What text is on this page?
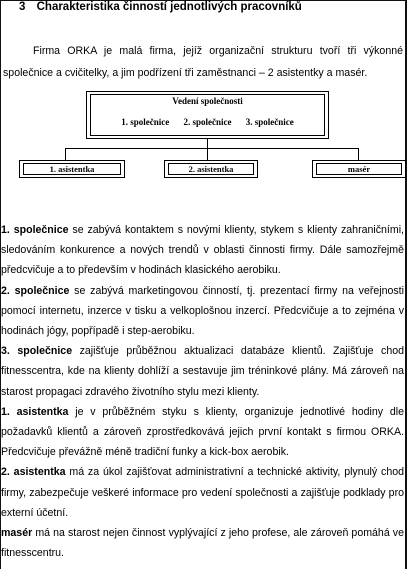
3 Charakteristika činností jednotlivých pracovníků
Firma ORKA je malá firma, jejíž organizační strukturu tvoří tři výkonné společnice a cvičitelky, a jim podřízení tři zaměstnanci – 2 asistentky a masér.
Vedení společnosti
1. společnice 2. společnice 3. společnice
1. asistentka	2. asistentka	masér

1. společnice se zabývá kontaktem s novými klienty, stykem s klienty zahraničními, sledováním konkurence a nových trendů v oblasti činnosti firmy. Dále samozřejmě předcvičuje a to především v hodinách klasického aerobiku.

2. společnice se zabývá marketingovou činností, tj. prezentací firmy na veřejnosti pomocí internetu, inzerce v tisku a velkoplošnou inzercí. Předcvičuje a to zejména v hodinách jógy, popřípadě i step-aerobiku.

3. společnice zajišťuje průběžnou aktualizaci databáze klientů. Zajišťuje chod fitnesscentra, kde na klienty dohlíží a sestavuje jim tréninkové plány. Má zároveň na starost propagaci zdravého životního stylu mezi klienty.

1. asistentka je v průběžném styku s klienty, organizuje jednotlivé hodiny dle požadavků klientů a zároveň zprostředkovává jejich první kontakt s firmou ORKA. Předcvičuje převážně méně tradiční funky a kick-box aerobik.

2. asistentka má za úkol zajišťovat administrativní a technické aktivity, plynulý chod firmy, zabezpečuje veškeré informace pro vedení společnosti a zajišťuje podklady pro externí účetní.

masér má na starost nejen činnost vyplývající z jeho profese, ale zároveň pomáhá ve fitnesscentru.
